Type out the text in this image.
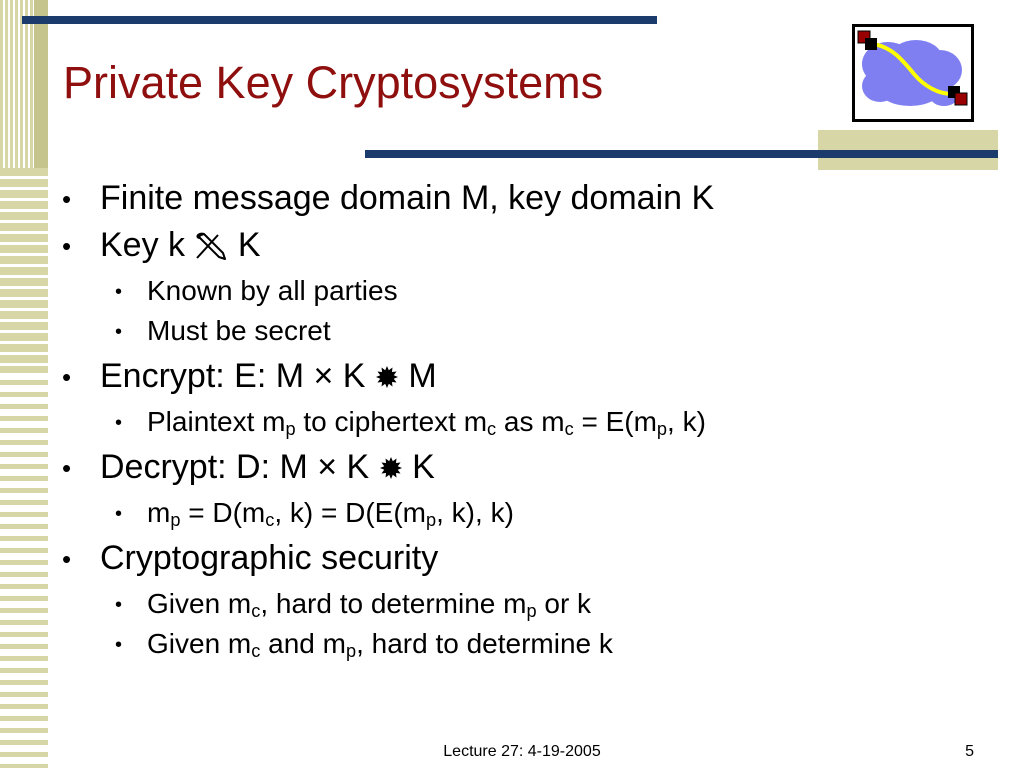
Private Key Cryptosystems
• Finite message domain M, key domain K
• Key k
K
• Known by all parties
• Must be secret
• Encrypt: E: M × K
M
• Plaintext mp to ciphertext mc as mc = E(mp, k)
• Decrypt: D: M × K
K
• mp = D(mc, k) = D(E(mp, k), k)
• Cryptographic security
• Given mc, hard to determine mp or k
• Given mc and mp, hard to determine k
Lecture 27: 4-19-2005	5
